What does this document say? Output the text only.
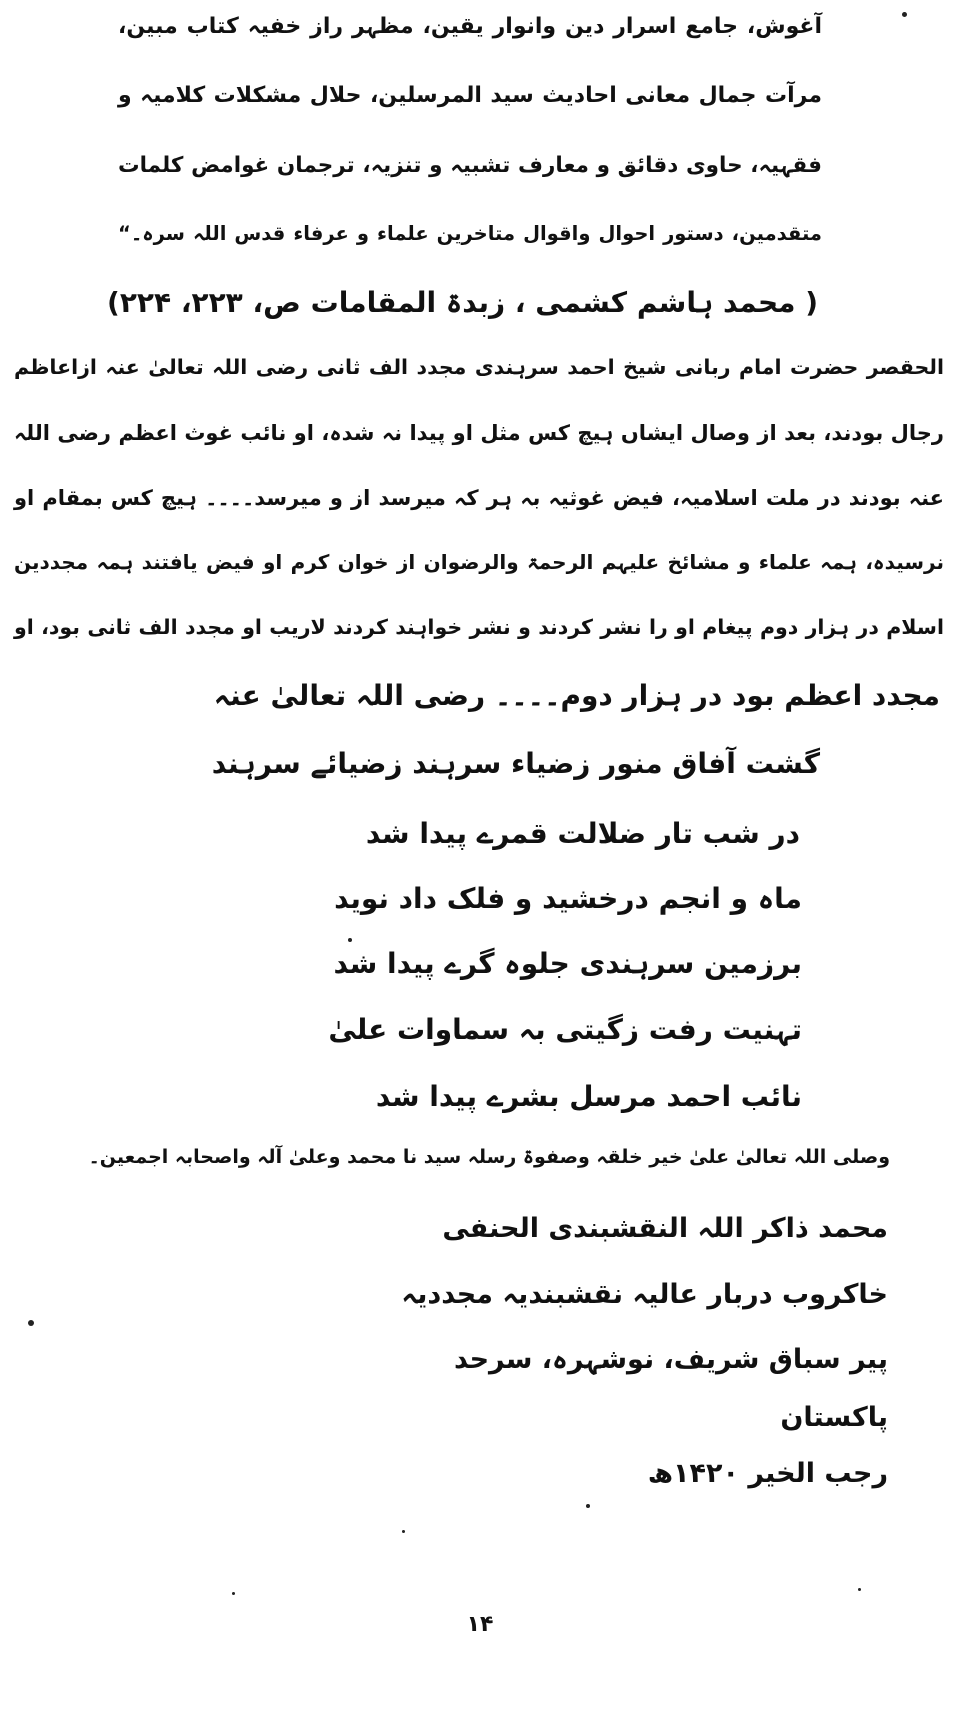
آغوش، جامع اسرار دین وانوار یقین، مظہر راز خفیہ کتاب مبین،
مرآت جمال معانی احادیث سید المرسلین، حلال مشکلات کلامیہ و
فقہیہ، حاوی دقائق و معارف تشبیہ و تنزیہ، ترجمان غوامض کلمات
متقدمین، دستور احوال واقوال متاخرین علماء و عرفاء قدس اللہ سرہ۔“
( محمد ہاشم کشمی ، زبدۃ المقامات ص، ۲۲۳، ۲۲۴)
الحقصر حضرت امام ربانی شیخ احمد سرہندی مجدد الف ثانی رضی اللہ تعالیٰ عنہ ازاعاظم
رجال بودند، بعد از وصال ایشاں ہیچ کس مثل او پیدا نہ شدہ، او نائب غوث اعظم رضی اللہ
عنہ بودند در ملت اسلامیہ، فیض غوثیہ بہ ہر کہ میرسد از و میرسد۔۔۔۔ ہیچ کس بمقام او
نرسیدہ، ہمہ علماء و مشائخ علیہم الرحمۃ والرضوان از خوان کرم او فیض یافتند ہمہ مجددین
اسلام در ہزار دوم پیغام او را نشر کردند و نشر خواہند کردند لاریب او مجدد الف ثانی بود، او
مجدد اعظم بود در ہزار دوم۔۔۔۔ رضی اللہ تعالیٰ عنہ
گشت آفاق منور زضیاء سرہند زضیائے سرہند
در شب تار ضلالت قمرے پیدا شد
ماہ و انجم درخشید و فلک داد نوید
برزمین سرہندی جلوہ گرے پیدا شد
تہنیت رفت زگیتی بہ سماوات علیٰ
نائب احمد مرسل بشرے پیدا شد
وصلی اللہ تعالیٰ علیٰ خیر خلقہ وصفوۃ رسلہ سید نا محمد وعلیٰ آلہ واصحابہ اجمعین۔
محمد ذاکر اللہ النقشبندی الحنفی
خاکروب دربار عالیہ نقشبندیہ مجددیہ
پیر سباق شریف، نوشہرہ، سرحد
پاکستان
رجب الخیر ۱۴۲۰ھ
۱۴
